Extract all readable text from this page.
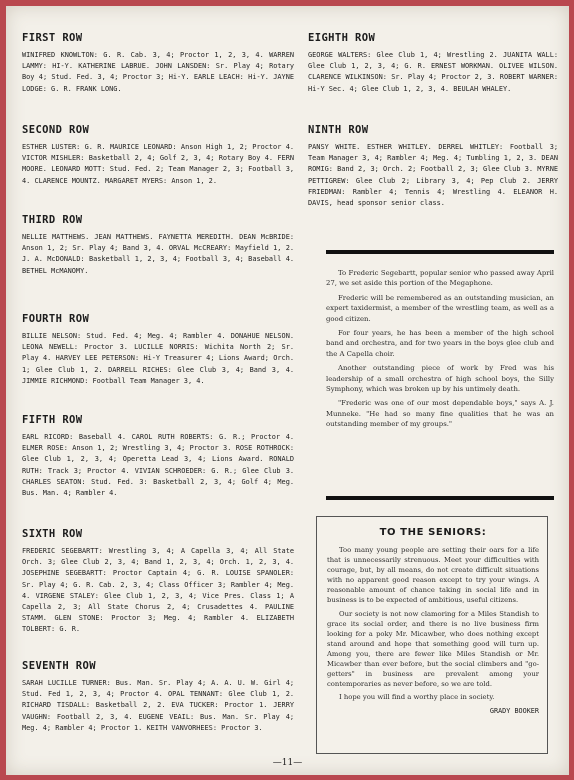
FIRST ROW

WINIFRED KNOWLTON: G. R. Cab. 3, 4; Proctor 1, 2, 3, 4. WARREN LAMMY: HI-Y. KATHERINE LABRUE. JOHN LANSDEN: Sr. Play 4; Rotary Boy 4; Stud. Fed. 3, 4; Proctor 3; Hi-Y. EARLE LEACH: Hi-Y. JAYNE LODGE: G. R. FRANK LONG.

SECOND ROW

ESTHER LUSTER: G. R. MAURICE LEONARD: Anson High 1, 2; Proctor 4. VICTOR MISHLER: Basketball 2, 4; Golf 2, 3, 4; Rotary Boy 4. FERN MOORE. LEONARD MOTT: Stud. Fed. 2; Team Manager 2, 3; Football 3, 4. CLARENCE MOUNTZ. MARGARET MYERS: Anson 1, 2.

THIRD ROW

NELLIE MATTHEWS. JEAN MATTHEWS. FAYNETTA MEREDITH. DEAN McBRIDE: Anson 1, 2; Sr. Play 4; Band 3, 4. ORVAL McCREARY: Mayfield 1, 2. J. A. McDONALD: Basketball 1, 2, 3, 4; Football 3, 4; Baseball 4. BETHEL McMANOMY.

FOURTH ROW

BILLIE NELSON: Stud. Fed. 4; Meg. 4; Rambler 4. DONAHUE NELSON. LEONA NEWELL: Proctor 3. LUCILLE NORRIS: Wichita North 2; Sr. Play 4. HARVEY LEE PETERSON: Hi-Y Treasurer 4; Lions Award; Orch. 1; Glee Club 1, 2. DARRELL RICHES: Glee Club 3, 4; Band 3, 4. JIMMIE RICHMOND: Football Team Manager 3, 4.

FIFTH ROW

EARL RICORD: Baseball 4. CAROL RUTH ROBERTS: G. R.; Proctor 4. ELMER ROSE: Anson 1, 2; Wrestling 3, 4; Proctor 3. ROSE ROTHROCK: Glee Club 1, 2, 3, 4; Operetta Lead 3, 4; Lions Award. RONALD RUTH: Track 3; Proctor 4. VIVIAN SCHROEDER: G. R.; Glee Club 3. CHARLES SEATON: Stud. Fed. 3: Basketball 2, 3, 4; Golf 4; Meg. Bus. Man. 4; Rambler 4.

SIXTH ROW

FREDERIC SEGEBARTT: Wrestling 3, 4; A Capella 3, 4; All State Orch. 3; Glee Club 2, 3, 4; Band 1, 2, 3, 4; Orch. 1, 2, 3, 4. JOSEPHINE SEGEBARTT: Proctor Captain 4; G. R. LOUISE SPANOLER: Sr. Play 4; G. R. Cab. 2, 3, 4; Class Officer 3; Rambler 4; Meg. 4. VIRGENE STALEY: Glee Club 1, 2, 3, 4; Vice Pres. Class 1; A Capella 2, 3; All State Chorus 2, 4; Crusadettes 4. PAULINE STAMM. GLEN STONE: Proctor 3; Meg. 4; Rambler 4. ELIZABETH TOLBERT: G. R.

SEVENTH ROW

SARAH LUCILLE TURNER: Bus. Man. Sr. Play 4; A. A. U. W. Girl 4; Stud. Fed 1, 2, 3, 4; Proctor 4. OPAL TENNANT: Glee Club 1, 2. RICHARD TISDALL: Basketball 2, 2. EVA TUCKER: Proctor 1. JERRY VAUGHN: Football 2, 3, 4. EUGENE VEAIL: Bus. Man. Sr. Play 4; Meg. 4; Rambler 4; Proctor 1. KEITH VANVORHEES: Proctor 3.

EIGHTH ROW

GEORGE WALTERS: Glee Club 1, 4; Wrestling 2. JUANITA WALL: Glee Club 1, 2, 3, 4; G. R. ERNEST WORKMAN. OLIVEE WILSON. CLARENCE WILKINSON: Sr. Play 4; Proctor 2, 3. ROBERT WARNER: Hi-Y Sec. 4; Glee Club 1, 2, 3, 4. BEULAH WHALEY.

NINTH ROW

PANSY WHITE. ESTHER WHITLEY. DERREL WHITLEY: Football 3; Team Manager 3, 4; Rambler 4; Meg. 4; Tumbling 1, 2, 3. DEAN ROMIG: Band 2, 3; Orch. 2; Football 2, 3; Glee Club 3. MYRNE PETTIGREW: Glee Club 2; Library 3, 4; Pep Club 2. JERRY FRIEDMAN: Rambler 4; Tennis 4; Wrestling 4. ELEANOR H. DAVIS, head sponsor senior class.

To Frederic Segebartt, popular senior who passed away April 27, we set aside this portion of the Megaphone.

Frederic will be remembered as an outstanding musician, an expert taxidermist, a member of the wrestling team, as well as a good citizen.

For four years, he has been a member of the high school band and orchestra, and for two years in the boys glee club and the A Capella choir.

Another outstanding piece of work by Fred was his leadership of a small orchestra of high school boys, the Silly Symphony, which was broken up by his untimely death.

"Frederic was one of our most dependable boys," says A. J. Munneke. "He had so many fine qualities that he was an outstanding member of my groups."

TO THE SENIORS:

Too many young people are setting their oars for a life that is unnecessarily strenuous. Meet your difficulties with courage, but, by all means, do not create difficult situations with no apparent good reason except to try your wings. A reasonable amount of chance taking in social life and in business is to be expected of ambitious, useful citizens.

Our society is not now clamoring for a Miles Standish to grace its social order, and there is no live business firm looking for a poky Mr. Micawber, who does nothing except stand around and hope that something good will turn up. Among you, there are fewer like Miles Standish or Mr. Micawber than ever before, but the social climbers and "go-getters" in business are prevalent among your contemporaries as never before, so we are told.

I hope you will find a worthy place in society.

GRADY BOOKER

—11—
